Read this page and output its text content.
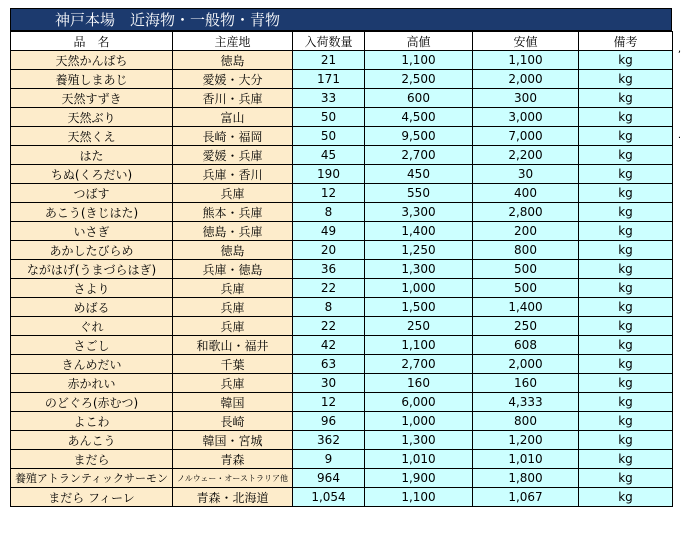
神戸本場　近海物・一般物・青物
品　名	主産地	入荷数量	高値	安値	備考
天然かんぱち	徳島	21	1,100	1,100	kg
養殖しまあじ	愛媛・大分	171	2,500	2,000	kg
天然すずき	香川・兵庫	33	600	300	kg
天然ぶり	富山	50	4,500	3,000	kg
天然くえ	長崎・福岡	50	9,500	7,000	kg
はた	愛媛・兵庫	45	2,700	2,200	kg
ちぬ(くろだい)	兵庫・香川	190	450	30	kg
つばす	兵庫	12	550	400	kg
あこう(きじはた)	熊本・兵庫	8	3,300	2,800	kg
いさぎ	徳島・兵庫	49	1,400	200	kg
あかしたびらめ	徳島	20	1,250	800	kg
ながはげ(うまづらはぎ)	兵庫・徳島	36	1,300	500	kg
さより	兵庫	22	1,000	500	kg
めばる	兵庫	8	1,500	1,400	kg
ぐれ	兵庫	22	250	250	kg
さごし	和歌山・福井	42	1,100	608	kg
きんめだい	千葉	63	2,700	2,000	kg
赤かれい	兵庫	30	160	160	kg
のどぐろ(赤むつ)	韓国	12	6,000	4,333	kg
よこわ	長崎	96	1,000	800	kg
あんこう	韓国・宮城	362	1,300	1,200	kg
まだら	青森	9	1,010	1,010	kg
養殖アトランティックサーモン	ノルウェー・オーストラリア他	964	1,900	1,800	kg
まだら フィーレ	青森・北海道	1,054	1,100	1,067	kg
,
.
